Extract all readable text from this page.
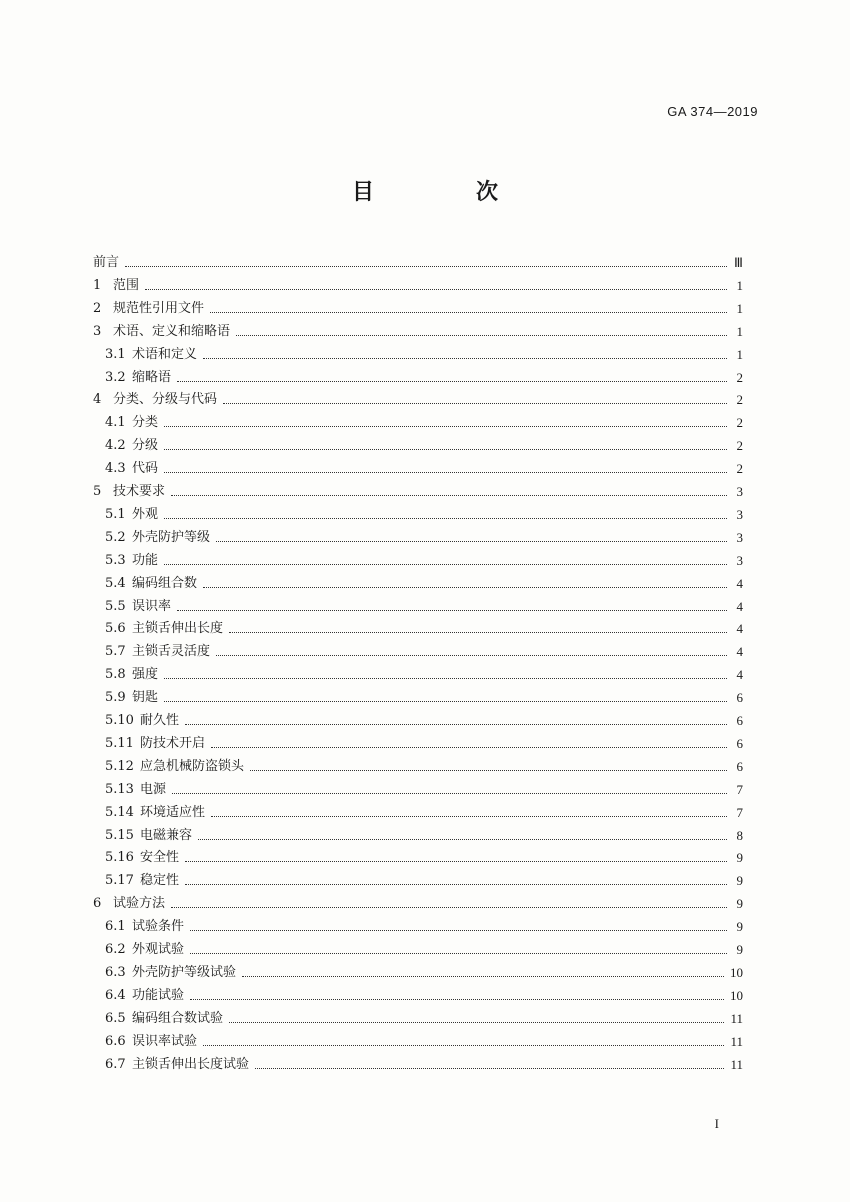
GA 374—2019
目　次
前言	Ⅲ
1 范围	1
2 规范性引用文件	1
3 术语、定义和缩略语	1
3.1 术语和定义	1
3.2 缩略语	2
4 分类、分级与代码	2
4.1 分类	2
4.2 分级	2
4.3 代码	2
5 技术要求	3
5.1 外观	3
5.2 外壳防护等级	3
5.3 功能	3
5.4 编码组合数	4
5.5 误识率	4
5.6 主锁舌伸出长度	4
5.7 主锁舌灵活度	4
5.8 强度	4
5.9 钥匙	6
5.10 耐久性	6
5.11 防技术开启	6
5.12 应急机械防盗锁头	6
5.13 电源	7
5.14 环境适应性	7
5.15 电磁兼容	8
5.16 安全性	9
5.17 稳定性	9
6 试验方法	9
6.1 试验条件	9
6.2 外观试验	9
6.3 外壳防护等级试验	10
6.4 功能试验	10
6.5 编码组合数试验	11
6.6 误识率试验	11
6.7 主锁舌伸出长度试验	11
I
